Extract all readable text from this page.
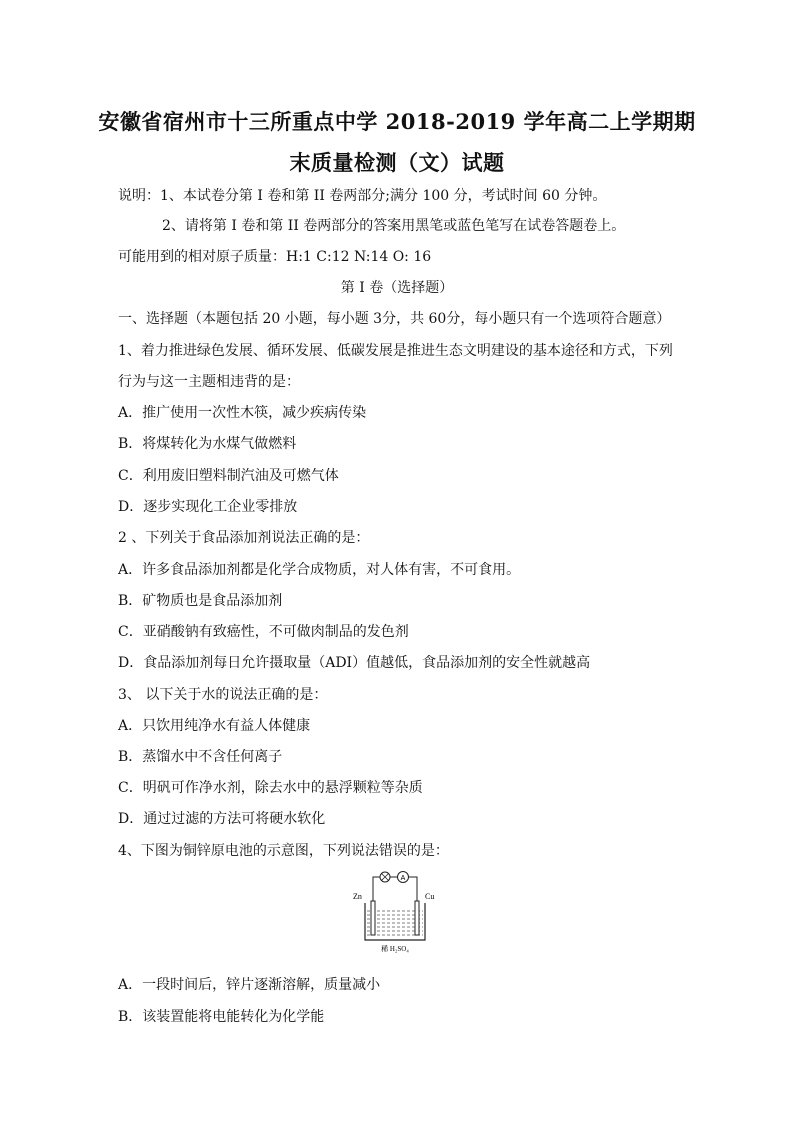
安徽省宿州市十三所重点中学 2018-2019 学年高二上学期期
末质量检测（文）试题
说明：1、本试卷分第 I 卷和第 II 卷两部分;满分 100 分，考试时间 60 分钟。
2、请将第 I 卷和第 II 卷两部分的答案用黑笔或蓝色笔写在试卷答题卷上。
可能用到的相对原子质量：H:1 C:12 N:14 O: 16
第 I 卷（选择题）
一、选择题（本题包括 20 小题，每小题 3分，共 60分，每小题只有一个选项符合题意）
1、着力推进绿色发展、循环发展、低碳发展是推进生态文明建设的基本途径和方式，下列
行为与这一主题相违背的是：
A．推广使用一次性木筷，减少疾病传染
B．将煤转化为水煤气做燃料
C．利用废旧塑料制汽油及可燃气体
D．逐步实现化工企业零排放
2 、下列关于食品添加剂说法正确的是：
A．许多食品添加剂都是化学合成物质，对人体有害，不可食用。
B．矿物质也是食品添加剂
C．亚硝酸钠有致癌性，不可做肉制品的发色剂
D．食品添加剂每日允许摄取量（ADI）值越低，食品添加剂的安全性就越高
3、 以下关于水的说法正确的是：
A．只饮用纯净水有益人体健康
B．蒸馏水中不含任何离子
C．明矾可作净水剂，除去水中的悬浮颗粒等杂质
D．通过过滤的方法可将硬水软化
4、下图为铜锌原电池的示意图，下列说法错误的是：
A
Zn	Cu
稀 H₂SO₄
A．一段时间后，锌片逐渐溶解，质量减小
B．该装置能将电能转化为化学能
